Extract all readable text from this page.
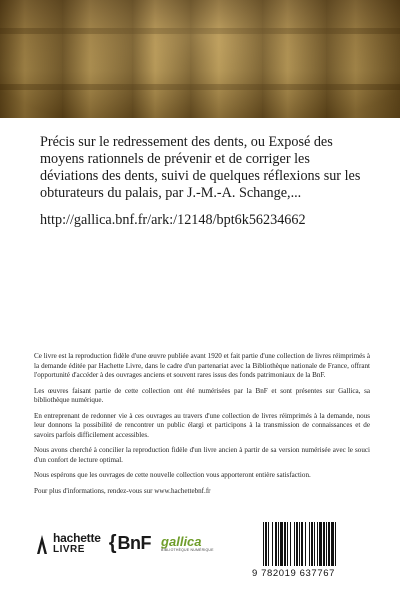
Précis sur le redressement des dents, ou Exposé des moyens rationnels de prévenir et de corriger les déviations des dents, suivi de quelques réflexions sur les obturateurs du palais, par J.-M.-A. Schange,...

http://gallica.bnf.fr/ark:/12148/bpt6k56234662

Ce livre est la reproduction fidèle d'une œuvre publiée avant 1920 et fait partie d'une collection de livres réimprimés à la demande éditée par Hachette Livre, dans le cadre d'un partenariat avec la Bibliothèque nationale de France, offrant l'opportunité d'accéder à des ouvrages anciens et souvent rares issus des fonds patrimoniaux de la BnF.

Les œuvres faisant partie de cette collection ont été numérisées par la BnF et sont présentes sur Gallica, sa bibliothèque numérique.

En entreprenant de redonner vie à ces ouvrages au travers d'une collection de livres réimprimés à la demande, nous leur donnons la possibilité de rencontrer un public élargi et participons à la transmission de connaissances et de savoirs parfois difficilement accessibles.

Nous avons cherché à concilier la reproduction fidèle d'un livre ancien à partir de sa version numérisée avec le souci d'un confort de lecture optimal.

Nous espérons que les ouvrages de cette nouvelle collection vous apporteront entière satisfaction.

Pour plus d'informations, rendez-vous sur www.hachettebnf.fr

hachette
LIVRE	{ BnF gallica
BIBLIOTHÈQUE NUMÉRIQUE
9 782019 637767
